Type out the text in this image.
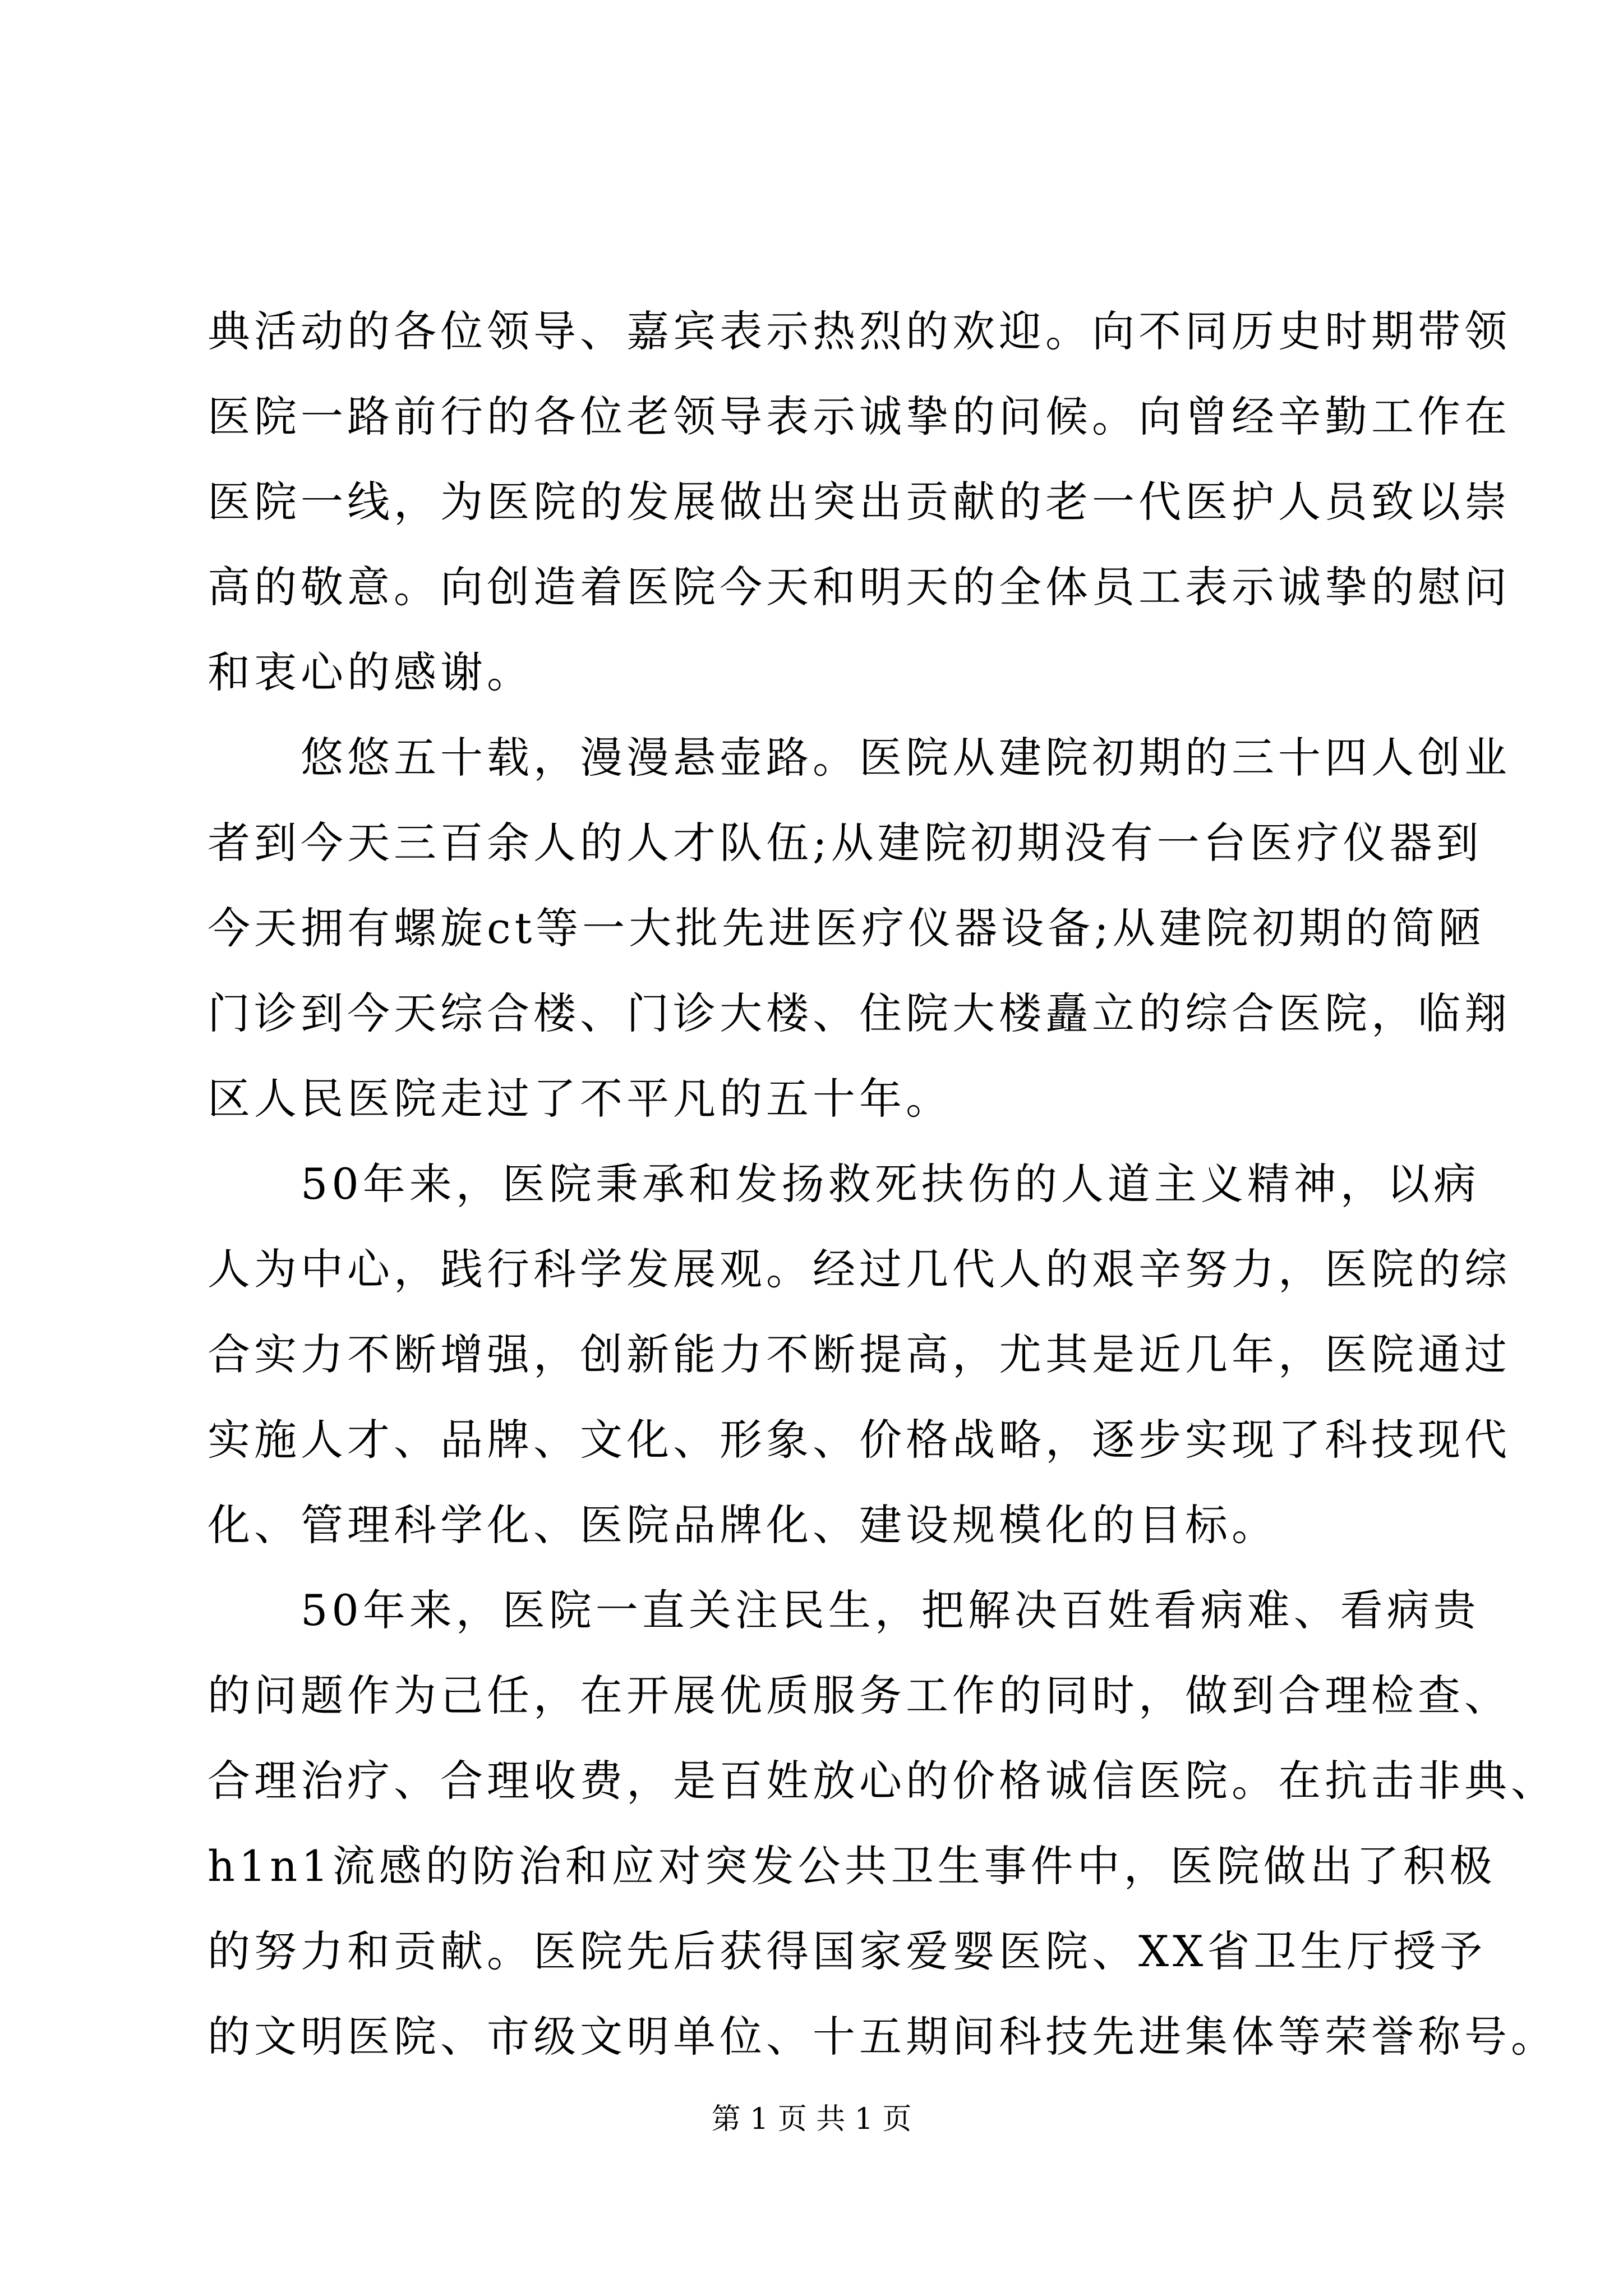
典活动的各位领导、嘉宾表示热烈的欢迎。向不同历史时期带领
医院一路前行的各位老领导表示诚挚的问候。向曾经辛勤工作在
医院一线，为医院的发展做出突出贡献的老一代医护人员致以崇
高的敬意。向创造着医院今天和明天的全体员工表示诚挚的慰问
和衷心的感谢。
　　悠悠五十载，漫漫悬壶路。医院从建院初期的三十四人创业
者到今天三百余人的人才队伍;从建院初期没有一台医疗仪器到
今天拥有螺旋ct等一大批先进医疗仪器设备;从建院初期的简陋
门诊到今天综合楼、门诊大楼、住院大楼矗立的综合医院，临翔
区人民医院走过了不平凡的五十年。
　　50年来，医院秉承和发扬救死扶伤的人道主义精神，以病
人为中心，践行科学发展观。经过几代人的艰辛努力，医院的综
合实力不断增强，创新能力不断提高，尤其是近几年，医院通过
实施人才、品牌、文化、形象、价格战略，逐步实现了科技现代
化、管理科学化、医院品牌化、建设规模化的目标。
　　50年来，医院一直关注民生，把解决百姓看病难、看病贵
的问题作为己任，在开展优质服务工作的同时，做到合理检查、
合理治疗、合理收费，是百姓放心的价格诚信医院。在抗击非典、
h1n1流感的防治和应对突发公共卫生事件中，医院做出了积极
的努力和贡献。医院先后获得国家爱婴医院、XX省卫生厅授予
的文明医院、市级文明单位、十五期间科技先进集体等荣誉称号。
第 1 页 共 1 页
